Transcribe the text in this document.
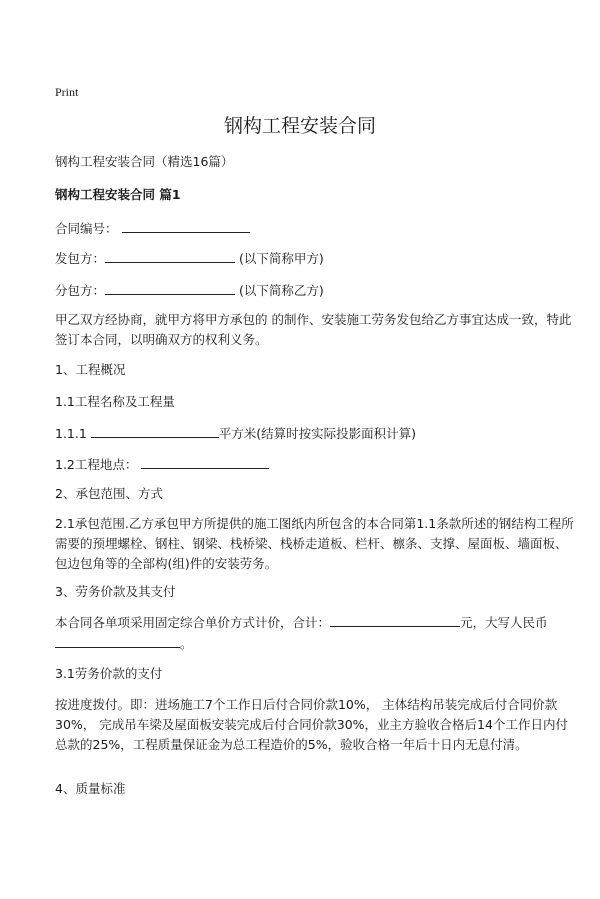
Print
钢构工程安装合同
钢构工程安装合同（精选16篇）
钢构工程安装合同 篇1
合同编号：
发包方：	(以下简称甲方)
分包方：	(以下简称乙方)
甲乙双方经协商，就甲方将甲方承包的 的制作、安装施工劳务发包给乙方事宜达成一致，特此签订本合同，以明确双方的权利义务。
1、工程概况
1.1工程名称及工程量
1.1.1	平方米(结算时按实际投影面积计算)
1.2工程地点：
2、承包范围、方式
2.1承包范围.乙方承包甲方所提供的施工图纸内所包含的本合同第1.1条款所述的钢结构工程所需要的预埋螺栓、钢柱、钢梁、栈桥梁、栈桥走道板、栏杆、檩条、支撑、屋面板、墙面板、包边包角等的全部构(组)件的安装劳务。
3、劳务价款及其支付
本合同各单项采用固定综合单价方式计价，合计：	元，大写人民币。
3.1劳务价款的支付
按进度拨付。即：进场施工7个工作日后付合同价款10%， 主体结构吊装完成后付合同价款30%， 完成吊车梁及屋面板安装完成后付合同价款30%，业主方验收合格后14个工作日内付总款的25%，工程质量保证金为总工程造价的5%，验收合格一年后十日内无息付清。
4、质量标准
